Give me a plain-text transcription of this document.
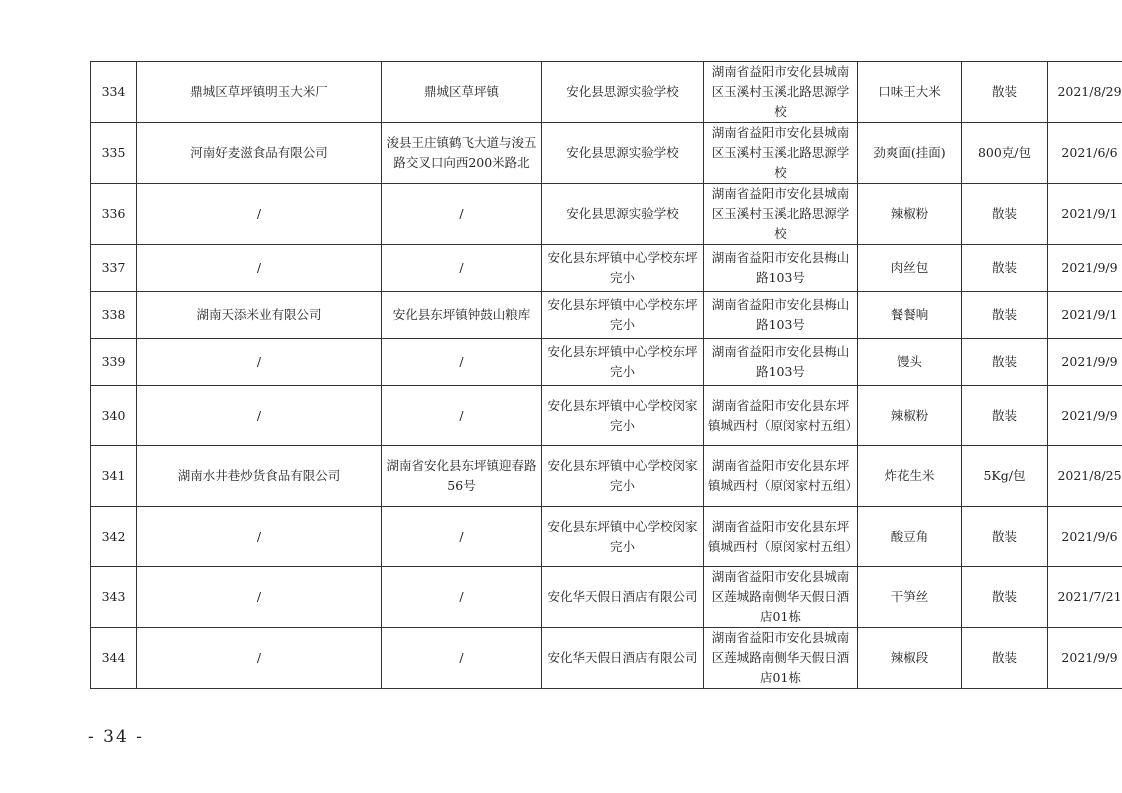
334	鼎城区草坪镇明玉大米厂	鼎城区草坪镇	安化县思源实验学校	湖南省益阳市安化县城南区玉溪村玉溪北路思源学校	口味王大米	散装	2021/8/29
335	河南好麦滋食品有限公司	浚县王庄镇鹤飞大道与浚五路交叉口向西200米路北	安化县思源实验学校	湖南省益阳市安化县城南区玉溪村玉溪北路思源学校	劲爽面(挂面)	800克/包	2021/6/6
336	/	/	安化县思源实验学校	湖南省益阳市安化县城南区玉溪村玉溪北路思源学校	辣椒粉	散装	2021/9/1
337	/	/	安化县东坪镇中心学校东坪完小	湖南省益阳市安化县梅山路103号	肉丝包	散装	2021/9/9
338	湖南天添米业有限公司	安化县东坪镇钟鼓山粮库	安化县东坪镇中心学校东坪完小	湖南省益阳市安化县梅山路103号	餐餐响	散装	2021/9/1
339	/	/	安化县东坪镇中心学校东坪完小	湖南省益阳市安化县梅山路103号	馒头	散装	2021/9/9
340	/	/	安化县东坪镇中心学校闵家完小	湖南省益阳市安化县东坪镇城西村（原闵家村五组）	辣椒粉	散装	2021/9/9
341	湖南水井巷炒货食品有限公司	湖南省安化县东坪镇迎春路56号	安化县东坪镇中心学校闵家完小	湖南省益阳市安化县东坪镇城西村（原闵家村五组）	炸花生米	5Kg/包	2021/8/25
342	/	/	安化县东坪镇中心学校闵家完小	湖南省益阳市安化县东坪镇城西村（原闵家村五组）	酸豆角	散装	2021/9/6
343	/	/	安化华天假日酒店有限公司	湖南省益阳市安化县城南区莲城路南侧华天假日酒店01栋	干笋丝	散装	2021/7/21
344	/	/	安化华天假日酒店有限公司	湖南省益阳市安化县城南区莲城路南侧华天假日酒店01栋	辣椒段	散装	2021/9/9
- 34 -
